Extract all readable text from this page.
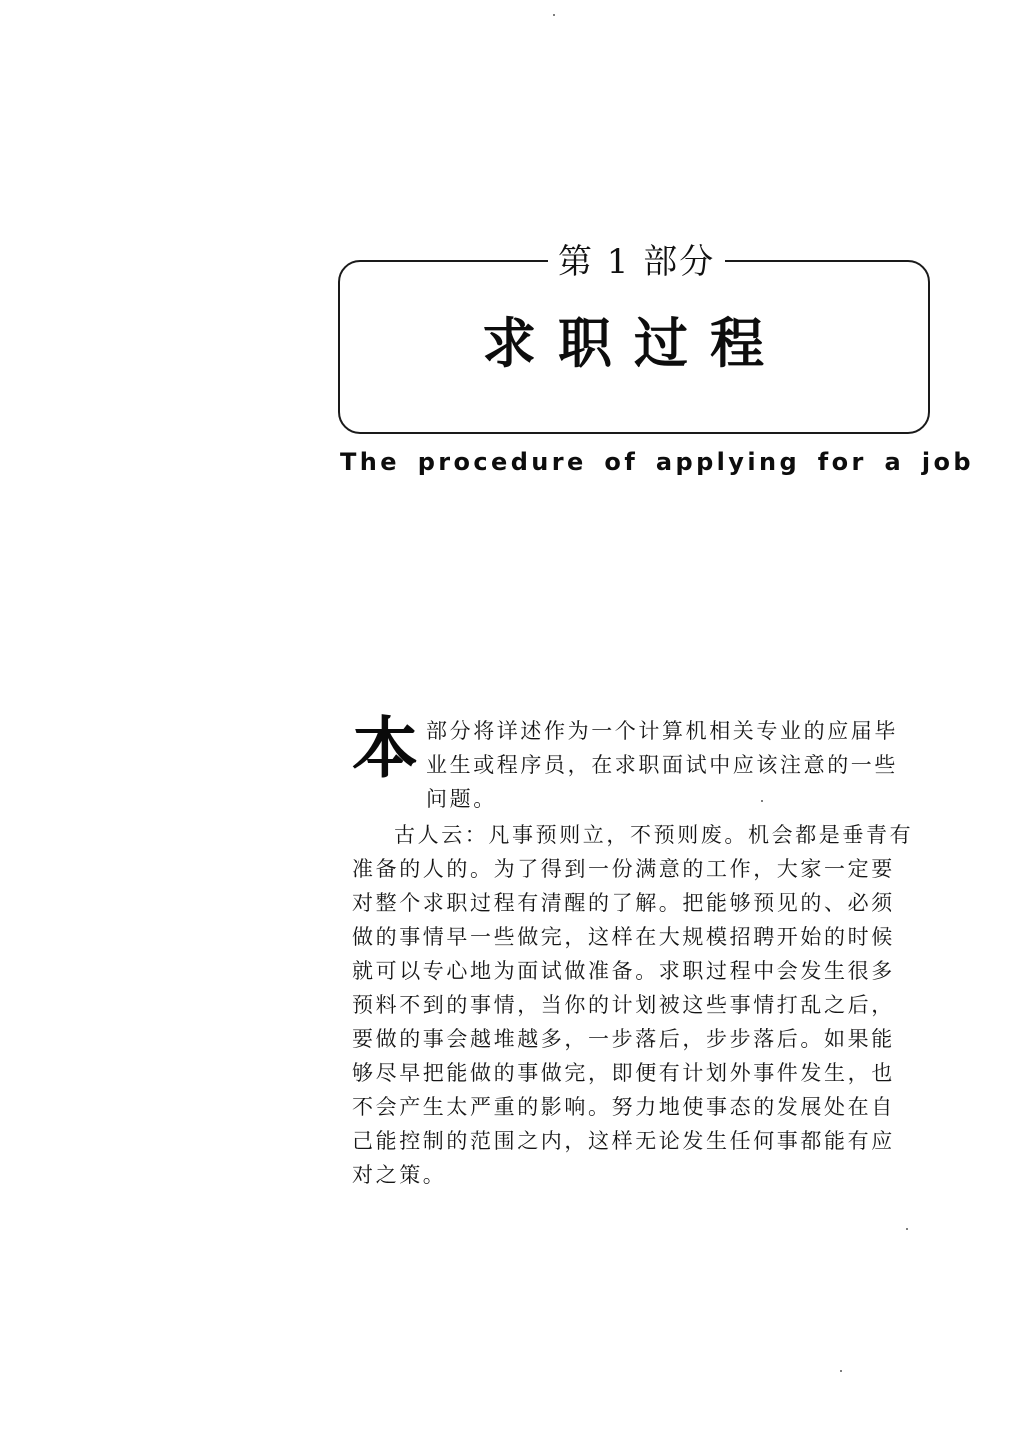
第 1 部分
求职过程
The procedure of applying for a job

本部分将详述作为一个计算机相关专业的应届毕业生或程序员，在求职面试中应该注意的一些问题。

古人云：凡事预则立，不预则废。机会都是垂青有准备的人的。为了得到一份满意的工作，大家一定要对整个求职过程有清醒的了解。把能够预见的、必须做的事情早一些做完，这样在大规模招聘开始的时候就可以专心地为面试做准备。求职过程中会发生很多预料不到的事情，当你的计划被这些事情打乱之后，要做的事会越堆越多，一步落后，步步落后。如果能够尽早把能做的事做完，即便有计划外事件发生，也不会产生太严重的影响。努力地使事态的发展处在自己能控制的范围之内，这样无论发生任何事都能有应对之策。
